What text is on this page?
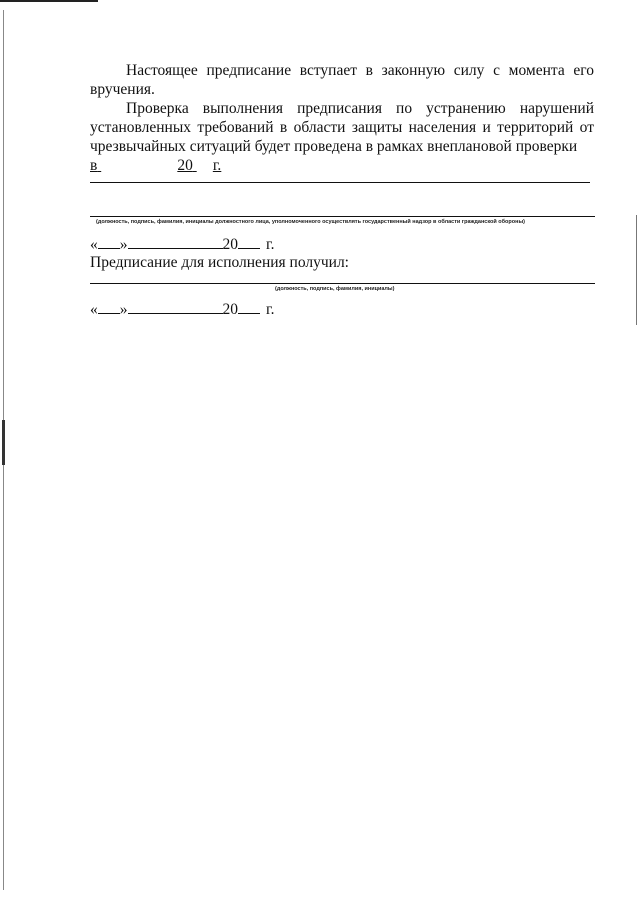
Настоящее предписание вступает в законную силу с момента его вручения.
Проверка выполнения предписания по устранению нарушений установленных требований в области защиты населения и территорий от чрезвычайных ситуаций будет проведена в рамках внеплановой проверки
в	20 г.
(должность, подпись, фамилия, инициалы должностного лица, уполномоченного осуществлять государственный надзор в области гражданской обороны)
« »	20 г.
Предписание для исполнения получил:
(должность, подпись, фамилия, инициалы)
« »	20 г.
